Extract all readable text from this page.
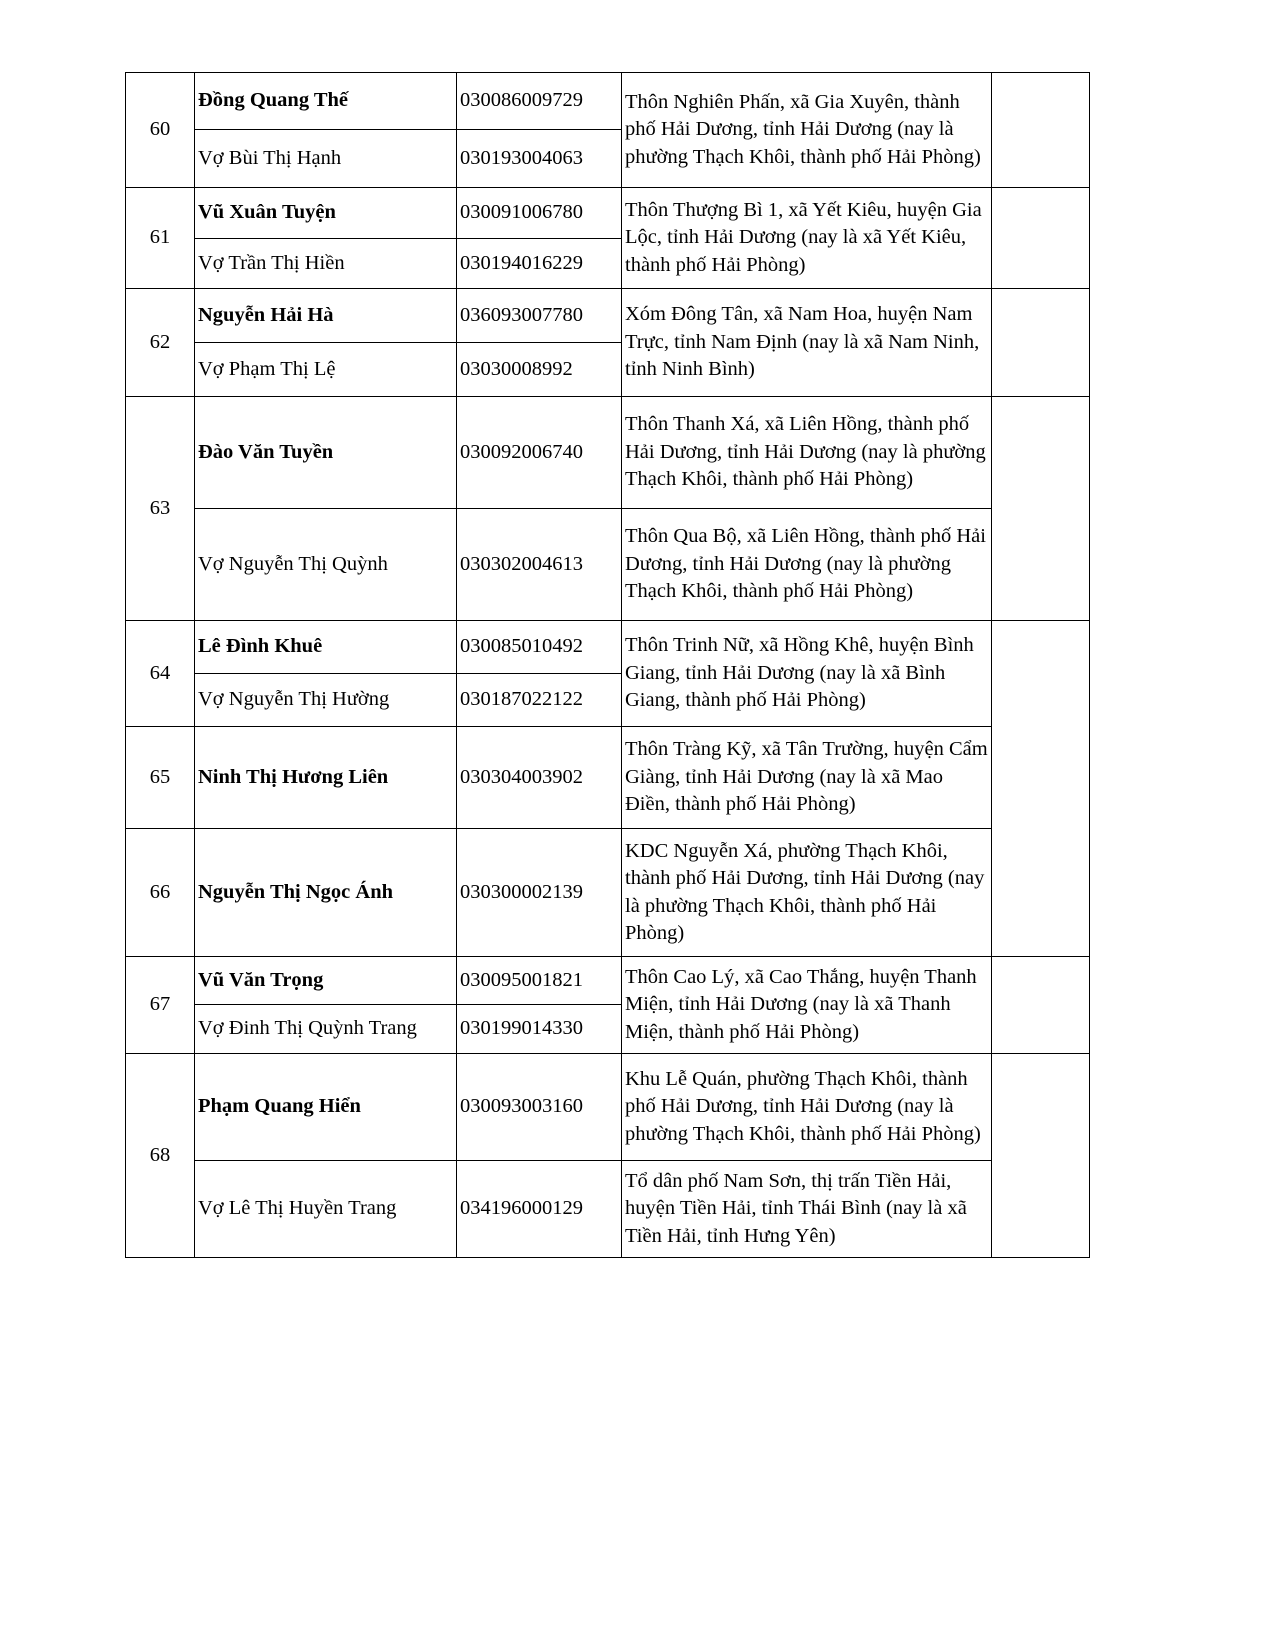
60	Đồng Quang Thế	030086009729	Thôn Nghiên Phấn, xã Gia Xuyên, thành phố Hải Dương, tỉnh Hải Dương (nay là phường Thạch Khôi, thành phố Hải Phòng)	
	Vợ Bùi Thị Hạnh	030193004063		
61	Vũ Xuân Tuyện	030091006780	Thôn Thượng Bì 1, xã Yết Kiêu, huyện Gia Lộc, tỉnh Hải Dương (nay là xã Yết Kiêu, thành phố Hải Phòng)	
	Vợ Trần Thị Hiền	030194016229		
62	Nguyễn Hải Hà	036093007780	Xóm Đông Tân, xã Nam Hoa, huyện Nam Trực, tỉnh Nam Định (nay là xã Nam Ninh, tỉnh Ninh Bình)	
	Vợ Phạm Thị Lệ	03030008992		
63	Đào Văn Tuyền	030092006740	Thôn Thanh Xá, xã Liên Hồng, thành phố Hải Dương, tỉnh Hải Dương (nay là phường Thạch Khôi, thành phố Hải Phòng)	
	Vợ Nguyễn Thị Quỳnh	030302004613	Thôn Qua Bộ, xã Liên Hồng, thành phố Hải Dương, tỉnh Hải Dương (nay là phường Thạch Khôi, thành phố Hải Phòng)	
64	Lê Đình Khuê	030085010492	Thôn Trinh Nữ, xã Hồng Khê, huyện Bình Giang, tỉnh Hải Dương (nay là xã Bình Giang, thành phố Hải Phòng)	
	Vợ Nguyễn Thị Hường	030187022122		
65	Ninh Thị Hương Liên	030304003902	Thôn Tràng Kỹ, xã Tân Trường, huyện Cẩm Giàng, tỉnh Hải Dương (nay là xã Mao Điền, thành phố Hải Phòng)	
66	Nguyễn Thị Ngọc Ánh	030300002139	KDC Nguyễn Xá, phường Thạch Khôi, thành phố Hải Dương, tỉnh Hải Dương (nay là phường Thạch Khôi, thành phố Hải Phòng)	
67	Vũ Văn Trọng	030095001821	Thôn Cao Lý, xã Cao Thắng, huyện Thanh Miện, tỉnh Hải Dương (nay là xã Thanh Miện, thành phố Hải Phòng)	
	Vợ Đinh Thị Quỳnh Trang	030199014330		
68	Phạm Quang Hiển	030093003160	Khu Lễ Quán, phường Thạch Khôi, thành phố Hải Dương, tỉnh Hải Dương (nay là phường Thạch Khôi, thành phố Hải Phòng)	
	Vợ Lê Thị Huyền Trang	034196000129	Tổ dân phố Nam Sơn, thị trấn Tiền Hải, huyện Tiền Hải, tỉnh Thái Bình (nay là xã Tiền Hải, tỉnh Hưng Yên)	
